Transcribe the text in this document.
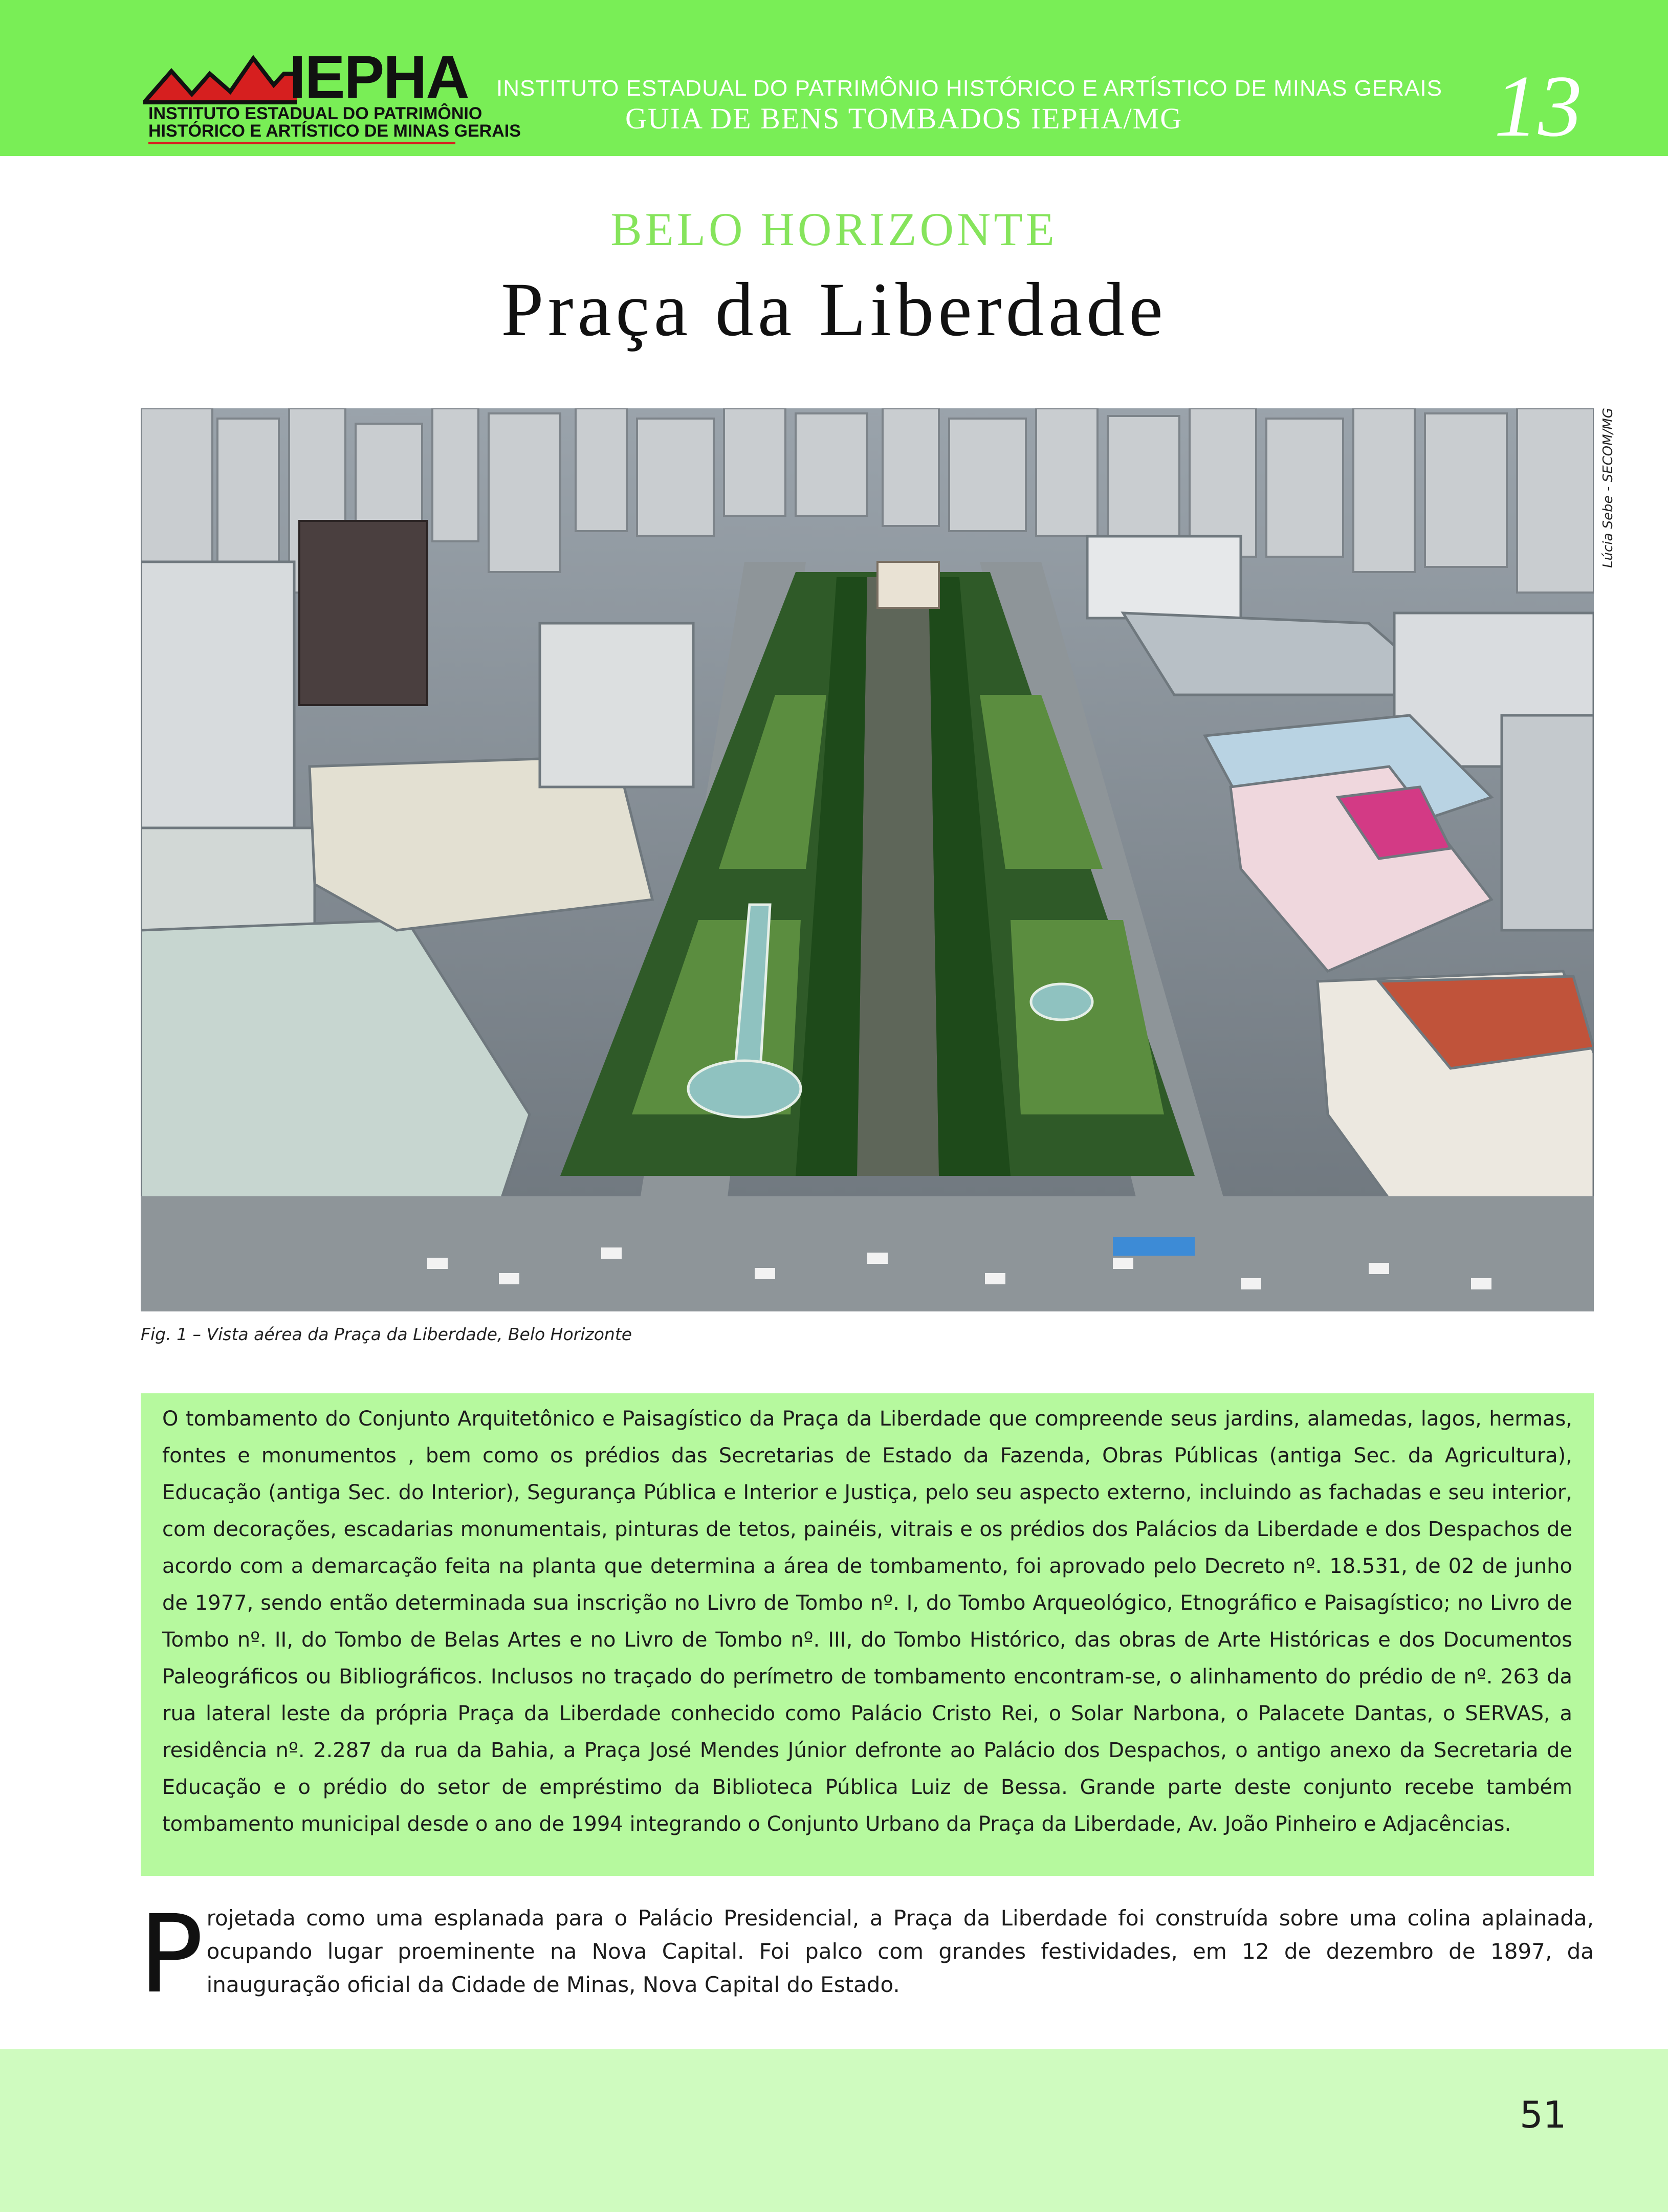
IEPHA

INSTITUTO ESTADUAL DO PATRIMÔNIO

HISTÓRICO E ARTÍSTICO DE MINAS GERAIS

INSTITUTO ESTADUAL DO PATRIMÔNIO HISTÓRICO E ARTÍSTICO DE MINAS GERAIS

GUIA DE BENS TOMBADOS IEPHA/MG	13

BELO HORIZONTE

Praça da Liberdade

Lúcia Sebe - SECOM/MG

Fig. 1 – Vista aérea da Praça da Liberdade, Belo Horizonte

O tombamento do Conjunto Arquitetônico e Paisagístico da Praça da Liberdade que compreende seus jardins, alamedas, lagos, hermas, fontes e monumentos , bem como os prédios das Secretarias de Estado da Fazenda, Obras Públicas (antiga Sec. da Agricultura), Educação (antiga Sec. do Interior), Segurança Pública e Interior e Justiça, pelo seu aspecto externo, incluindo as fachadas e seu interior, com decorações, escadarias monumentais, pinturas de tetos, painéis, vitrais e os prédios dos Palácios da Liberdade e dos Despachos de acordo com a demarcação feita na planta que determina a área de tombamento, foi aprovado pelo Decreto nº. 18.531, de 02 de junho de 1977, sendo então determinada sua inscrição no Livro de Tombo nº. I, do Tombo Arqueológico, Etnográfico e Paisagístico; no Livro de Tombo nº. II, do Tombo de Belas Artes e no Livro de Tombo nº. III, do Tombo Histórico, das obras de Arte Históricas e dos Documentos Paleográficos ou Bibliográficos. Inclusos no traçado do perímetro de tombamento encontram-se, o alinhamento do prédio de nº. 263 da rua lateral leste da própria Praça da Liberdade conhecido como Palácio Cristo Rei, o Solar Narbona, o Palacete Dantas, o SERVAS, a residência nº. 2.287 da rua da Bahia, a Praça José Mendes Júnior defronte ao Palácio dos Despachos, o antigo anexo da Secretaria de Educação e o prédio do setor de empréstimo da Biblioteca Pública Luiz de Bessa. Grande parte deste conjunto recebe também tombamento municipal desde o ano de 1994 integrando o Conjunto Urbano da Praça da Liberdade, Av. João Pinheiro e Adjacências.

Projetada como uma esplanada para o Palácio Presidencial, a Praça da Liberdade foi construída sobre uma colina aplainada, ocupando lugar proeminente na Nova Capital. Foi palco com grandes festividades, em 12 de dezembro de 1897, da inauguração oficial da Cidade de Minas, Nova Capital do Estado.

51
